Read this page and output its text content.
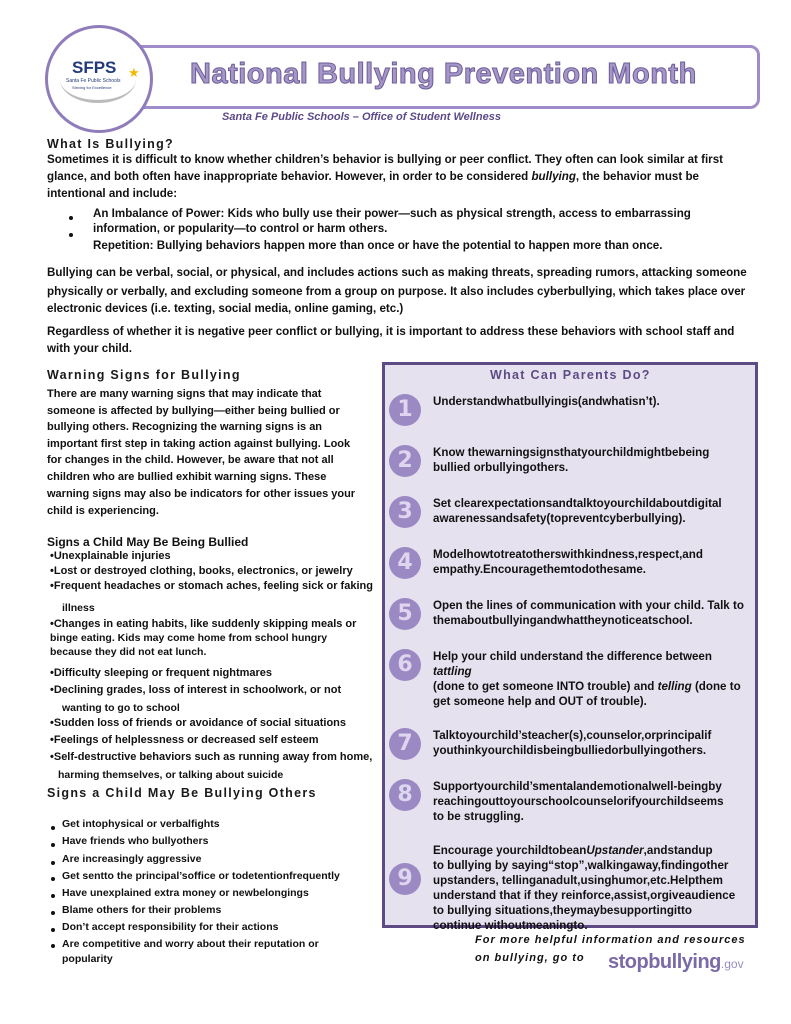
SFPS
Santa Fe Public Schools
Striving for Excellence
★ National Bullying Prevention Month
Santa Fe Public Schools – Office of Student Wellness
What Is Bullying?
Sometimes it is difficult to know whether children’s behavior is bullying or peer conflict. They often can look similar at first
glance, and both often have inappropriate behavior. However, in order to be considered bullying, the behavior must be
intentional and include:
An Imbalance of Power: Kids who bully use their power—such as physical strength, access to embarrassing
information, or popularity—to control or harm others.
Repetition: Bullying behaviors happen more than once or have the potential to happen more than once.
Bullying can be verbal, social, or physical, and includes actions such as making threats, spreading rumors, attacking someone
physically or verbally, and excluding someone from a group on purpose. It also includes cyberbullying, which takes place over
electronic devices (i.e. texting, social media, online gaming, etc.)
Regardless of whether it is negative peer conflict or bullying, it is important to address these behaviors with school staff and
with your child.
What Can Parents Do?
1	Understandwhatbullyingis(andwhatisn’t).
2	Know thewarningsignsthatyourchildmightbebeing
bullied orbullyingothers.
3	Set clearexpectationsandtalktoyourchildaboutdigital
awarenessandsafety(topreventcyberbullying).
4	Modelhowtotreatotherswithkindness,respect,and
empathy.Encouragethemtodothesame.
5	Open the lines of communication with your child. Talk to
themaboutbullyingandwhattheynoticeatschool.
6	Help your child understand the difference between tattling
(done to get someone INTO trouble) and telling (done to
get someone help and OUT of trouble).
7	Talktoyourchild’steacher(s),counselor,orprincipalif
youthinkyourchildisbeingbulliedorbullyingothers.
8	Supportyourchild’smentalandemotionalwell-beingby
reachingouttoyourschoolcounselorifyourchildseems
to be struggling.
9
Encourage yourchildtobeanUpstander,andstandup
to bullying by saying“stop”,walkingaway,findingother
upstanders, tellinganadult,usinghumor,etc.Helpthem
understand that if they reinforce,assist,orgiveaudience
to bullying situations,theymaybesupportingitto
continue withoutmeaningto.
Warning Signs for Bullying
There are many warning signs that may indicate that
someone is affected by bullying—either being bullied or
bullying others. Recognizing the warning signs is an
important first step in taking action against bullying. Look
for changes in the child. However, be aware that not all
children who are bullied exhibit warning signs. These
warning signs may also be indicators for other issues your
child is experiencing.
Signs a Child May Be Being Bullied
•Unexplainable injuries
•Lost or destroyed clothing, books, electronics, or jewelry
•Frequent headaches or stomach aches, feeling sick or faking
illness
•Changes in eating habits, like suddenly skipping meals or
binge eating. Kids may come home from school hungry
because they did not eat lunch.
•Difficulty sleeping or frequent nightmares
•Declining grades, loss of interest in schoolwork, or not
wanting to go to school
•Sudden loss of friends or avoidance of social situations
•Feelings of helplessness or decreased self esteem
•Self-destructive behaviors such as running away from home,
harming themselves, or talking about suicide
Signs a Child May Be Bullying Others
Get intophysical or verbalfights
Have friends who bullyothers
Are increasingly aggressive
Get sentto the principal’soffice or todetentionfrequently
Have unexplained extra money or newbelongings
Blame others for their problems
Don’t accept responsibility for their actions
Are competitive and worry about their reputation or
popularity
For more helpful information and resources
on bullying, go to stopbullying.gov
